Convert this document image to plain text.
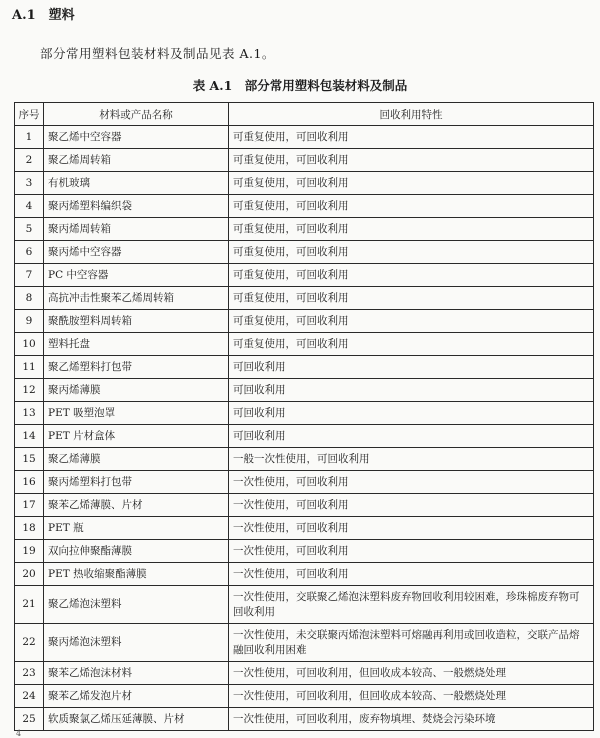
A.1　塑料
部分常用塑料包装材料及制品见表 A.1。
表 A.1　部分常用塑料包装材料及制品
序号	材料或产品名称	回收利用特性
1	聚乙烯中空容器	可重复使用，可回收利用
2	聚乙烯周转箱	可重复使用，可回收利用
3	有机玻璃	可重复使用，可回收利用
4	聚丙烯塑料编织袋	可重复使用，可回收利用
5	聚丙烯周转箱	可重复使用，可回收利用
6	聚丙烯中空容器	可重复使用，可回收利用
7	PC 中空容器	可重复使用，可回收利用
8	高抗冲击性聚苯乙烯周转箱	可重复使用，可回收利用
9	聚酰胺塑料周转箱	可重复使用，可回收利用
10	塑料托盘	可重复使用，可回收利用
11	聚乙烯塑料打包带	可回收利用
12	聚丙烯薄膜	可回收利用
13	PET 吸塑泡罩	可回收利用
14	PET 片材盒体	可回收利用
15	聚乙烯薄膜	一般一次性使用，可回收利用
16	聚丙烯塑料打包带	一次性使用，可回收利用
17	聚苯乙烯薄膜、片材	一次性使用，可回收利用
18	PET 瓶	一次性使用，可回收利用
19	双向拉伸聚酯薄膜	一次性使用，可回收利用
20	PET 热收缩聚酯薄膜	一次性使用，可回收利用
21	聚乙烯泡沫塑料	一次性使用，交联聚乙烯泡沫塑料废弃物回收利用较困难，珍珠棉废弃物可回收利用
22	聚丙烯泡沫塑料	一次性使用，未交联聚丙烯泡沫塑料可熔融再利用或回收造粒，交联产品熔融回收利用困难
23	聚苯乙烯泡沫材料	一次性使用，可回收利用，但回收成本较高、一般燃烧处理
24	聚苯乙烯发泡片材	一次性使用，可回收利用，但回收成本较高、一般燃烧处理
25	软质聚氯乙烯压延薄膜、片材	一次性使用，可回收利用，废弃物填埋、焚烧会污染环境
4
